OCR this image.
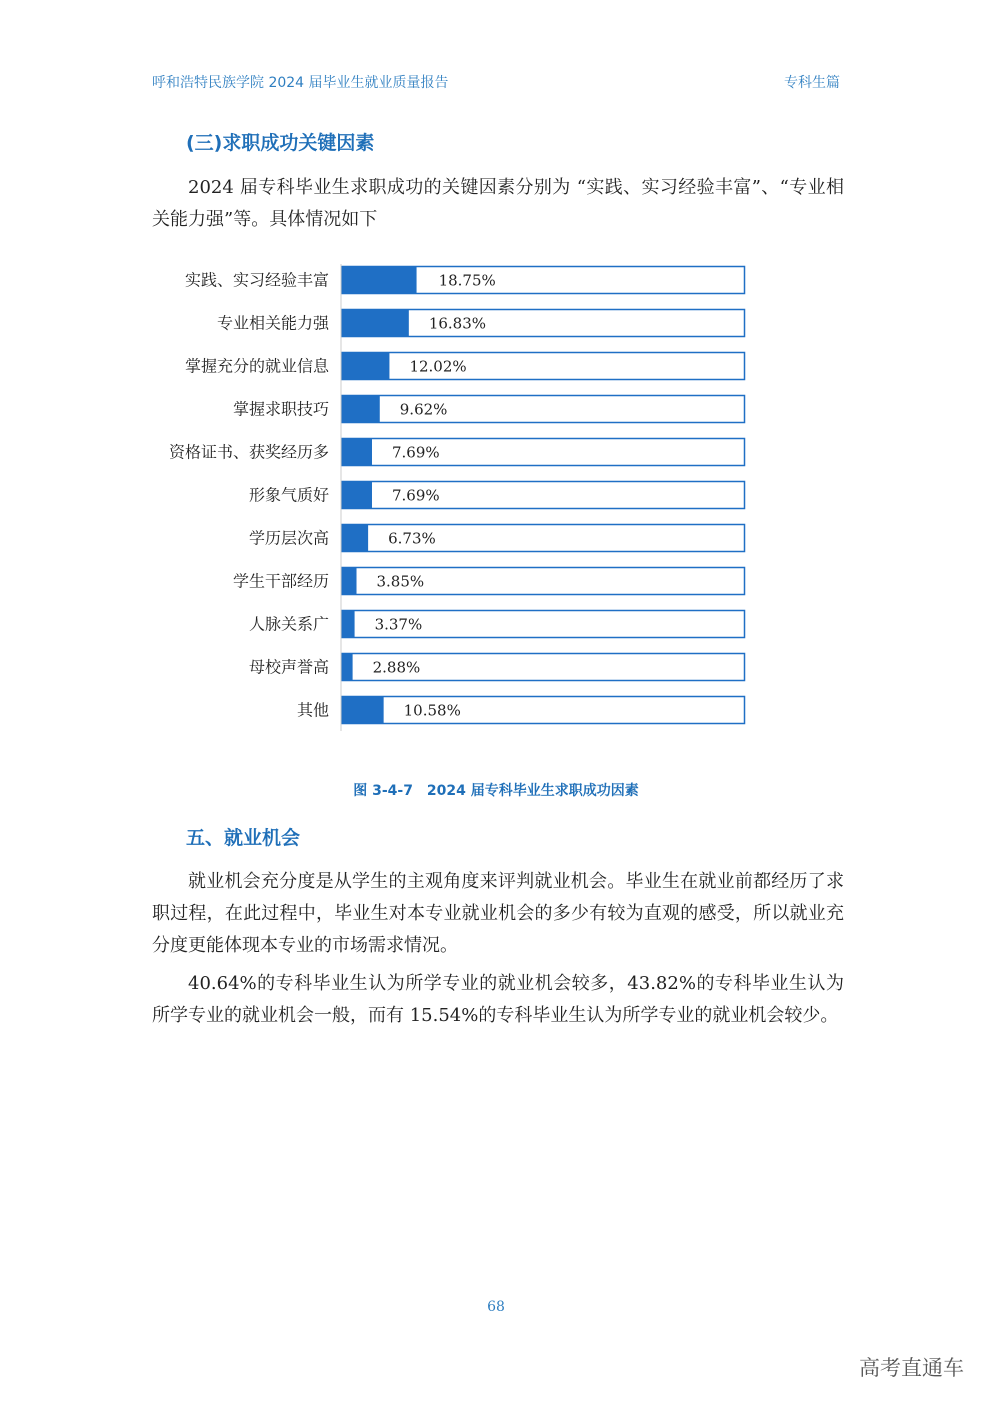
呼和浩特民族学院 2024 届毕业生就业质量报告	专科生篇
(三)求职成功关键因素
2024 届专科毕业生求职成功的关键因素分别为 “实践、实习经验丰富”、“专业相关能力强”等。具体情况如下
实践、实习经验丰富	18.75%
专业相关能力强	16.83%
掌握充分的就业信息	12.02%
掌握求职技巧	9.62%
资格证书、获奖经历多	7.69%
形象气质好	7.69%
学历层次高	6.73%
学生干部经历	3.85%
人脉关系广	3.37%
母校声誉高	2.88%
其他	10.58%
图 3-4-7　2024 届专科毕业生求职成功因素
五、就业机会
就业机会充分度是从学生的主观角度来评判就业机会。毕业生在就业前都经历了求职过程，在此过程中，毕业生对本专业就业机会的多少有较为直观的感受，所以就业充分度更能体现本专业的市场需求情况。
40.64%的专科毕业生认为所学专业的就业机会较多，43.82%的专科毕业生认为所学专业的就业机会一般，而有 15.54%的专科毕业生认为所学专业的就业机会较少。
68
高考直通车
